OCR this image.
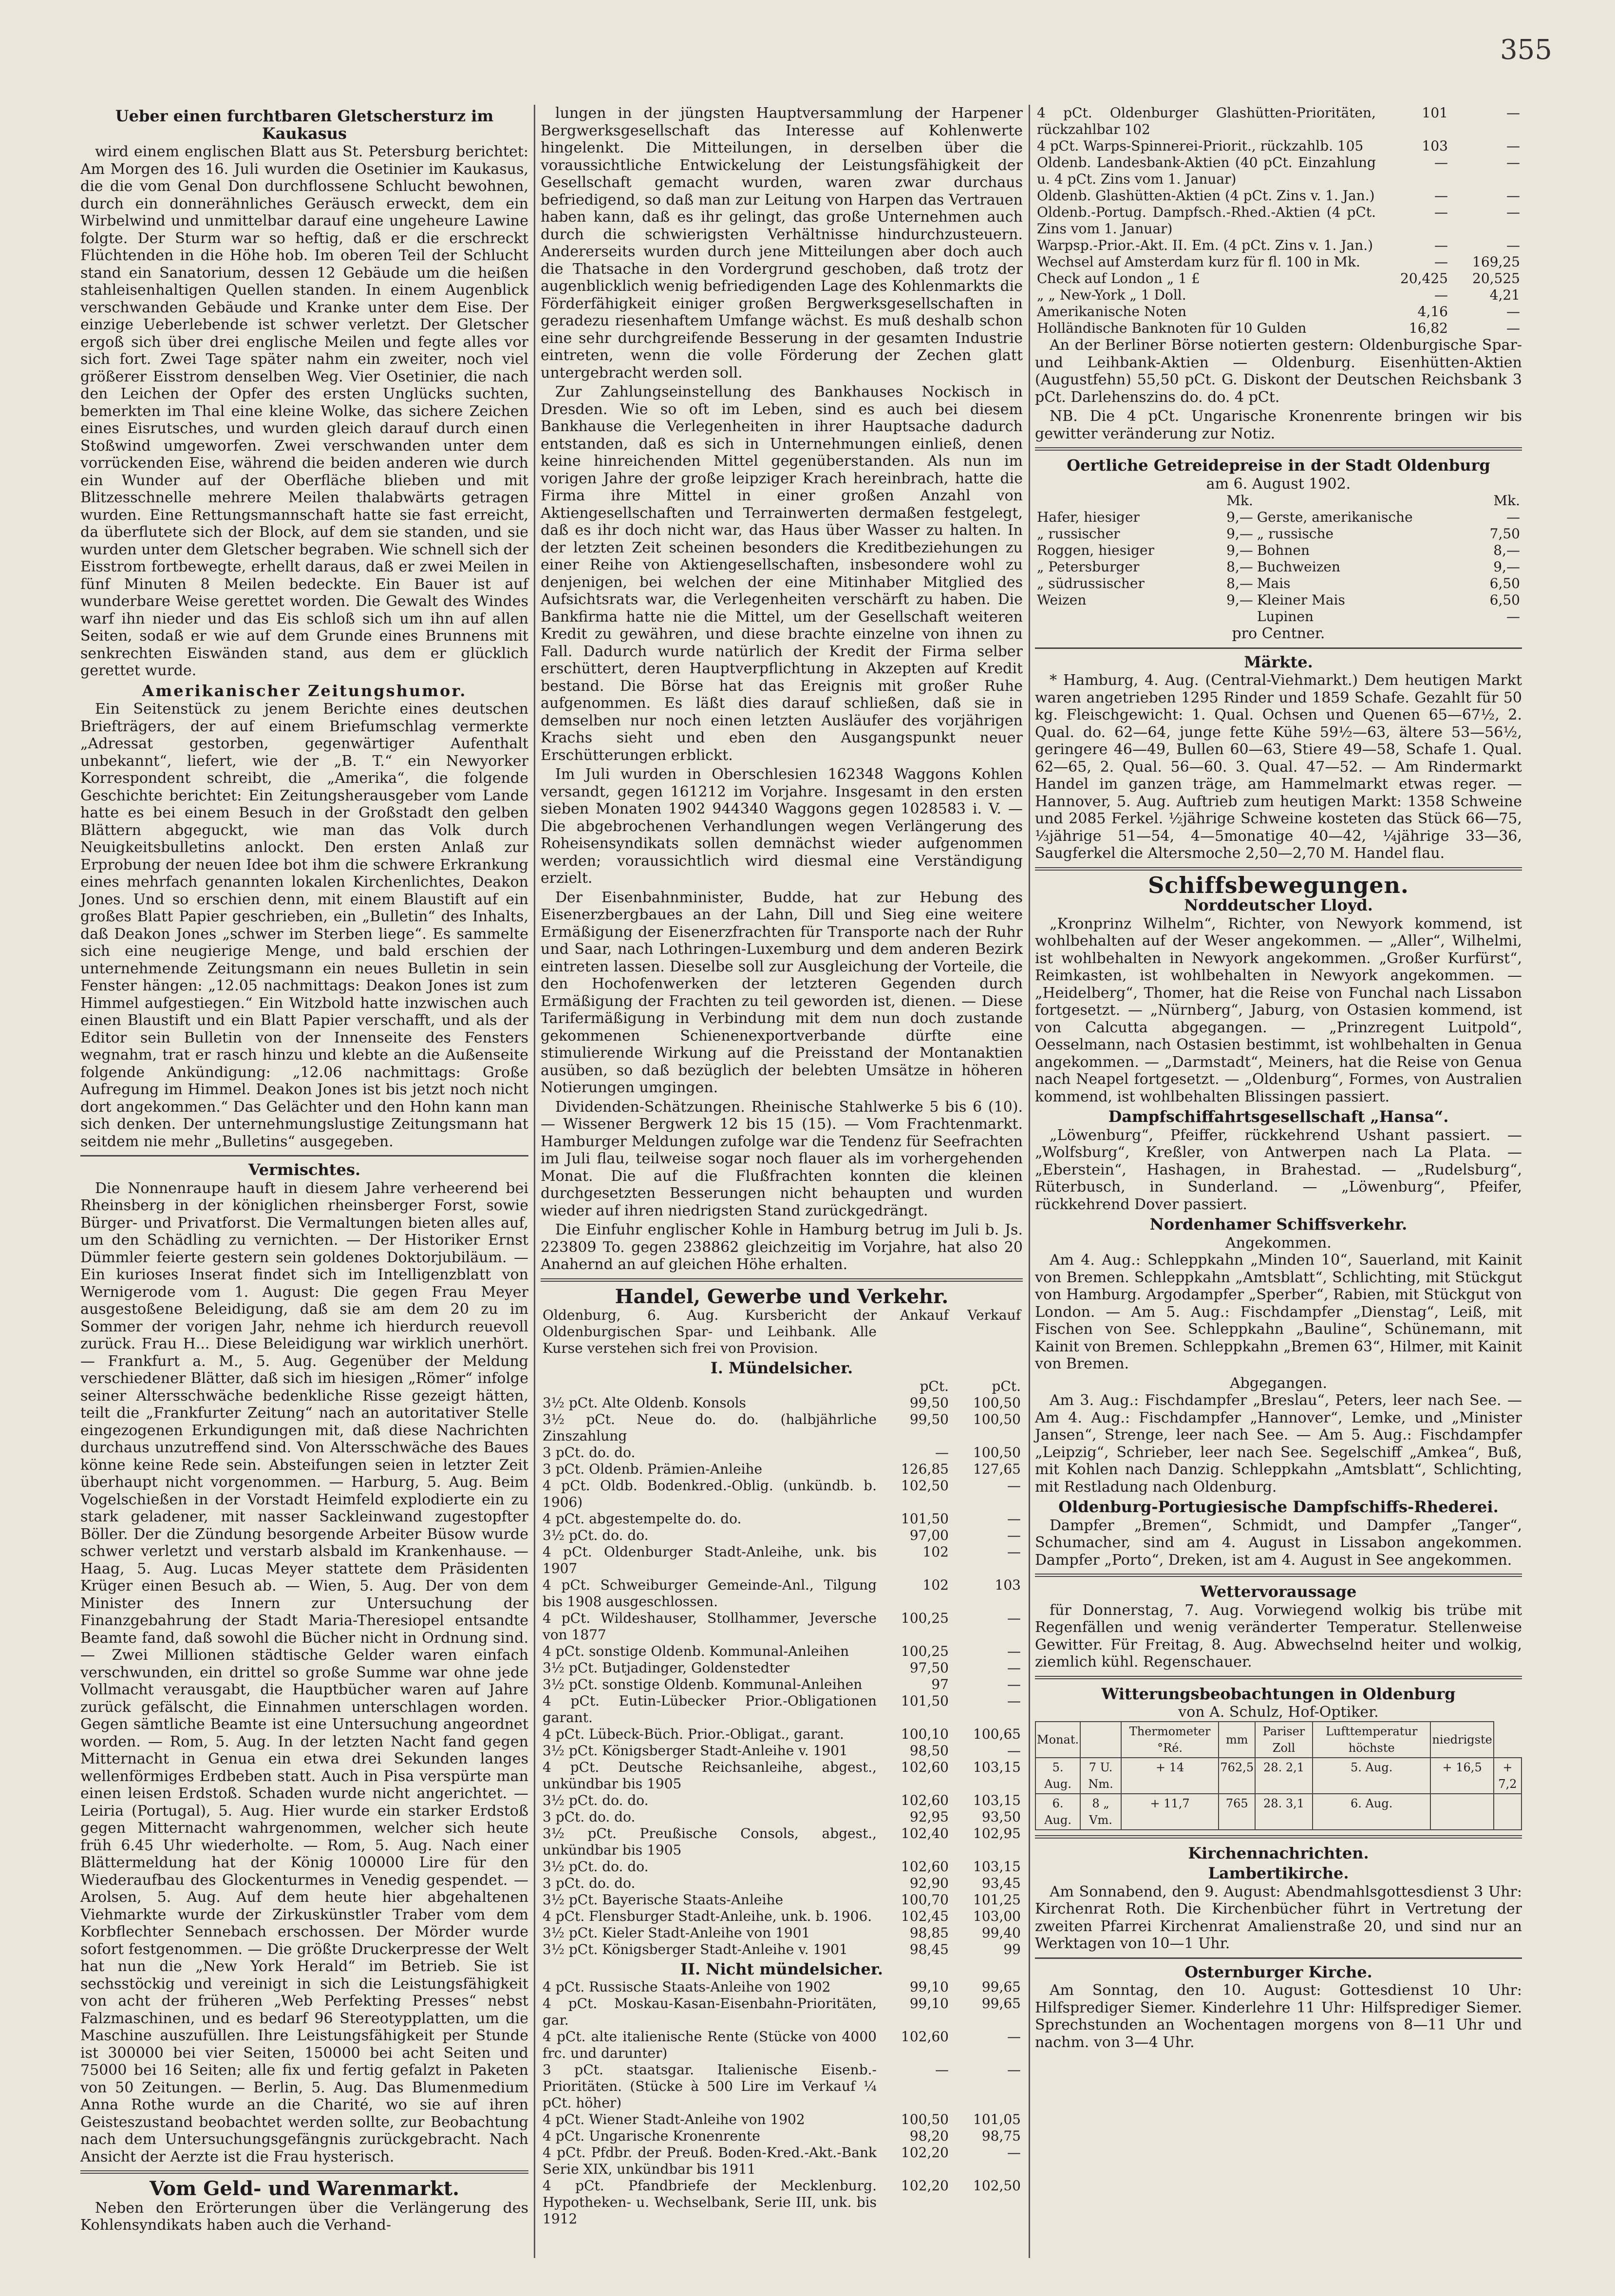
355
Ueber einen furchtbaren Gletschersturz im Kaukasus

wird einem englischen Blatt aus St. Petersburg berichtet: Am Morgen des 16. Juli wurden die Osetinier im Kaukasus, die die vom Genal Don durchflossene Schlucht bewohnen, durch ein donnerähnliches Geräusch erweckt, dem ein Wirbelwind und unmittelbar darauf eine ungeheure Lawine folgte. Der Sturm war so heftig, daß er die erschreckt Flüchtenden in die Höhe hob. Im oberen Teil der Schlucht stand ein Sanatorium, dessen 12 Gebäude um die heißen stahleisenhaltigen Quellen standen. In einem Augenblick verschwanden Gebäude und Kranke unter dem Eise. Der einzige Ueberlebende ist schwer verletzt. Der Gletscher ergoß sich über drei englische Meilen und fegte alles vor sich fort. Zwei Tage später nahm ein zweiter, noch viel größerer Eisstrom denselben Weg. Vier Osetinier, die nach den Leichen der Opfer des ersten Unglücks suchten, bemerkten im Thal eine kleine Wolke, das sichere Zeichen eines Eisrutsches, und wurden gleich darauf durch einen Stoßwind umgeworfen. Zwei verschwanden unter dem vorrückenden Eise, während die beiden anderen wie durch ein Wunder auf der Oberfläche blieben und mit Blitzesschnelle mehrere Meilen thalabwärts getragen wurden. Eine Rettungsmannschaft hatte sie fast erreicht, da überflutete sich der Block, auf dem sie standen, und sie wurden unter dem Gletscher begraben. Wie schnell sich der Eisstrom fortbewegte, erhellt daraus, daß er zwei Meilen in fünf Minuten 8 Meilen bedeckte. Ein Bauer ist auf wunderbare Weise gerettet worden. Die Gewalt des Windes warf ihn nieder und das Eis schloß sich um ihn auf allen Seiten, sodaß er wie auf dem Grunde eines Brunnens mit senkrechten Eiswänden stand, aus dem er glücklich gerettet wurde.

Amerikanischer Zeitungshumor.

Ein Seitenstück zu jenem Berichte eines deutschen Briefträgers, der auf einem Briefumschlag vermerkte „Adressat gestorben, gegenwärtiger Aufenthalt unbekannt“, liefert, wie der „B. T.“ ein Newyorker Korrespondent schreibt, die „Amerika“, die folgende Geschichte berichtet: Ein Zeitungsherausgeber vom Lande hatte es bei einem Besuch in der Großstadt den gelben Blättern abgeguckt, wie man das Volk durch Neuigkeitsbulletins anlockt. Den ersten Anlaß zur Erprobung der neuen Idee bot ihm die schwere Erkrankung eines mehrfach genannten lokalen Kirchenlichtes, Deakon Jones. Und so erschien denn, mit einem Blaustift auf ein großes Blatt Papier geschrieben, ein „Bulletin“ des Inhalts, daß Deakon Jones „schwer im Sterben liege“. Es sammelte sich eine neugierige Menge, und bald erschien der unternehmende Zeitungsmann ein neues Bulletin in sein Fenster hängen: „12.05 nachmittags: Deakon Jones ist zum Himmel aufgestiegen.“ Ein Witzbold hatte inzwischen auch einen Blaustift und ein Blatt Papier verschafft, und als der Editor sein Bulletin von der Innenseite des Fensters wegnahm, trat er rasch hinzu und klebte an die Außenseite folgende Ankündigung: „12.06 nachmittags: Große Aufregung im Himmel. Deakon Jones ist bis jetzt noch nicht dort angekommen.“ Das Gelächter und den Hohn kann man sich denken. Der unternehmungslustige Zeitungsmann hat seitdem nie mehr „Bulletins“ ausgegeben.

Vermischtes.

Die Nonnenraupe hauft in diesem Jahre verheerend bei Rheinsberg in der königlichen rheinsberger Forst, sowie Bürger- und Privatforst. Die Vermaltungen bieten alles auf, um den Schädling zu vernichten. — Der Historiker Ernst Dümmler feierte gestern sein goldenes Doktorjubiläum. — Ein kurioses Inserat findet sich im Intelligenzblatt von Wernigerode vom 1. August: Die gegen Frau Meyer ausgestoßene Beleidigung, daß sie am dem 20 zu im Sommer der vorigen Jahr, nehme ich hierdurch reuevoll zurück. Frau H... Diese Beleidigung war wirklich unerhört. — Frankfurt a. M., 5. Aug. Gegenüber der Meldung verschiedener Blätter, daß sich im hiesigen „Römer“ infolge seiner Altersschwäche bedenkliche Risse gezeigt hätten, teilt die „Frankfurter Zeitung“ nach an autoritativer Stelle eingezogenen Erkundigungen mit, daß diese Nachrichten durchaus unzutreffend sind. Von Altersschwäche des Baues könne keine Rede sein. Absteifungen seien in letzter Zeit überhaupt nicht vorgenommen. — Harburg, 5. Aug. Beim Vogelschießen in der Vorstadt Heimfeld explodierte ein zu stark geladener, mit nasser Sackleinwand zugestopfter Böller. Der die Zündung besorgende Arbeiter Büsow wurde schwer verletzt und verstarb alsbald im Krankenhause. — Haag, 5. Aug. Lucas Meyer stattete dem Präsidenten Krüger einen Besuch ab. — Wien, 5. Aug. Der von dem Minister des Innern zur Untersuchung der Finanzgebahrung der Stadt Maria-Theresiopel entsandte Beamte fand, daß sowohl die Bücher nicht in Ordnung sind. — Zwei Millionen städtische Gelder waren einfach verschwunden, ein drittel so große Summe war ohne jede Vollmacht verausgabt, die Hauptbücher waren auf Jahre zurück gefälscht, die Einnahmen unterschlagen worden. Gegen sämtliche Beamte ist eine Untersuchung angeordnet worden. — Rom, 5. Aug. In der letzten Nacht fand gegen Mitternacht in Genua ein etwa drei Sekunden langes wellenförmiges Erdbeben statt. Auch in Pisa verspürte man einen leisen Erdstoß. Schaden wurde nicht angerichtet. — Leiria (Portugal), 5. Aug. Hier wurde ein starker Erdstoß gegen Mitternacht wahrgenommen, welcher sich heute früh 6.45 Uhr wiederholte. — Rom, 5. Aug. Nach einer Blättermeldung hat der König 100000 Lire für den Wiederaufbau des Glockenturmes in Venedig gespendet. — Arolsen, 5. Aug. Auf dem heute hier abgehaltenen Viehmarkte wurde der Zirkuskünstler Traber vom dem Korbflechter Sennebach erschossen. Der Mörder wurde sofort festgenommen. — Die größte Druckerpresse der Welt hat nun die „New York Herald“ im Betrieb. Sie ist sechsstöckig und vereinigt in sich die Leistungsfähigkeit von acht der früheren „Web Perfekting Presses“ nebst Falzmaschinen, und es bedarf 96 Stereotypplatten, um die Maschine auszufüllen. Ihre Leistungsfähigkeit per Stunde ist 300000 bei vier Seiten, 150000 bei acht Seiten und 75000 bei 16 Seiten; alle fix und fertig gefalzt in Paketen von 50 Zeitungen. — Berlin, 5. Aug. Das Blumenmedium Anna Rothe wurde an die Charité, wo sie auf ihren Geisteszustand beobachtet werden sollte, zur Beobachtung nach dem Untersuchungsgefängnis zurückgebracht. Nach Ansicht der Aerzte ist die Frau hysterisch.

Vom Geld- und Warenmarkt.

Neben den Erörterungen über die Verlängerung des Kohlensyndikats haben auch die Verhand-

lungen in der jüngsten Hauptversammlung der Harpener Bergwerksgesellschaft das Interesse auf Kohlenwerte hingelenkt. Die Mitteilungen, in derselben über die voraussichtliche Entwickelung der Leistungsfähigkeit der Gesellschaft gemacht wurden, waren zwar durchaus befriedigend, so daß man zur Leitung von Harpen das Vertrauen haben kann, daß es ihr gelingt, das große Unternehmen auch durch die schwierigsten Verhältnisse hindurchzusteuern. Andererseits wurden durch jene Mitteilungen aber doch auch die Thatsache in den Vordergrund geschoben, daß trotz der augenblicklich wenig befriedigenden Lage des Kohlenmarkts die Förderfähigkeit einiger großen Bergwerksgesellschaften in geradezu riesenhaftem Umfange wächst. Es muß deshalb schon eine sehr durchgreifende Besserung in der gesamten Industrie eintreten, wenn die volle Förderung der Zechen glatt untergebracht werden soll.

Zur Zahlungseinstellung des Bankhauses Nockisch in Dresden. Wie so oft im Leben, sind es auch bei diesem Bankhause die Verlegenheiten in ihrer Hauptsache dadurch entstanden, daß es sich in Unternehmungen einließ, denen keine hinreichenden Mittel gegenüberstanden. Als nun im vorigen Jahre der große leipziger Krach hereinbrach, hatte die Firma ihre Mittel in einer großen Anzahl von Aktiengesellschaften und Terrainwerten dermaßen festgelegt, daß es ihr doch nicht war, das Haus über Wasser zu halten. In der letzten Zeit scheinen besonders die Kreditbeziehungen zu einer Reihe von Aktiengesellschaften, insbesondere wohl zu denjenigen, bei welchen der eine Mitinhaber Mitglied des Aufsichtsrats war, die Verlegenheiten verschärft zu haben. Die Bankfirma hatte nie die Mittel, um der Gesellschaft weiteren Kredit zu gewähren, und diese brachte einzelne von ihnen zu Fall. Dadurch wurde natürlich der Kredit der Firma selber erschüttert, deren Hauptverpflichtung in Akzepten auf Kredit bestand. Die Börse hat das Ereignis mit großer Ruhe aufgenommen. Es läßt dies darauf schließen, daß sie in demselben nur noch einen letzten Ausläufer des vorjährigen Krachs sieht und eben den Ausgangspunkt neuer Erschütterungen erblickt.

Im Juli wurden in Oberschlesien 162348 Waggons Kohlen versandt, gegen 161212 im Vorjahre. Insgesamt in den ersten sieben Monaten 1902 944340 Waggons gegen 1028583 i. V. — Die abgebrochenen Verhandlungen wegen Verlängerung des Roheisensyndikats sollen demnächst wieder aufgenommen werden; voraussichtlich wird diesmal eine Verständigung erzielt.

Der Eisenbahnminister, Budde, hat zur Hebung des Eisenerzbergbaues an der Lahn, Dill und Sieg eine weitere Ermäßigung der Eisenerzfrachten für Transporte nach der Ruhr und Saar, nach Lothringen-Luxemburg und dem anderen Bezirk eintreten lassen. Dieselbe soll zur Ausgleichung der Vorteile, die den Hochofenwerken der letzteren Gegenden durch Ermäßigung der Frachten zu teil geworden ist, dienen. — Diese Tarifermäßigung in Verbindung mit dem nun doch zustande gekommenen Schienenexportverbande dürfte eine stimulierende Wirkung auf die Preisstand der Montanaktien ausüben, so daß bezüglich der belebten Umsätze in höheren Notierungen umgingen.

Dividenden-Schätzungen. Rheinische Stahlwerke 5 bis 6 (10). — Wissener Bergwerk 12 bis 15 (15). — Vom Frachtenmarkt. Hamburger Meldungen zufolge war die Tendenz für Seefrachten im Juli flau, teilweise sogar noch flauer als im vorhergehenden Monat. Die auf die Flußfrachten konnten die kleinen durchgesetzten Besserungen nicht behaupten und wurden wieder auf ihren niedrigsten Stand zurückgedrängt.

Die Einfuhr englischer Kohle in Hamburg betrug im Juli b. Js. 223809 To. gegen 238862 gleichzeitig im Vorjahre, hat also 20 Anahernd an auf gleichen Höhe erhalten.

Handel, Gewerbe und Verkehr.
Oldenburg, 6. Aug. Kursbericht der Oldenburgischen Spar- und Leihbank. Alle Kurse verstehen sich frei von Provision.	Ankauf	Verkauf
I. Mündelsicher.
	pCt.	pCt.
3½ pCt. Alte Oldenb. Konsols	99,50	100,50
3½ pCt. Neue do. do. (halbjährliche Zinszahlung	99,50	100,50
3 pCt. do. do.	—	100,50
3 pCt. Oldenb. Prämien-Anleihe	126,85	127,65
4 pCt. Oldb. Bodenkred.-Oblig. (unkündb. b. 1906)	102,50	—
4 pCt. abgestempelte do. do.	101,50	—
3½ pCt. do. do.	97,00	—
4 pCt. Oldenburger Stadt-Anleihe, unk. bis 1907	102	—
4 pCt. Schweiburger Gemeinde-Anl., Tilgung bis 1908 ausgeschlossen.	102	103
4 pCt. Wildeshauser, Stollhammer, Jeversche von 1877	100,25	—
4 pCt. sonstige Oldenb. Kommunal-Anleihen	100,25	—
3½ pCt. Butjadinger, Goldenstedter	97,50	—
3½ pCt. sonstige Oldenb. Kommunal-Anleihen	97	—
4 pCt. Eutin-Lübecker Prior.-Obligationen garant.	101,50	—
4 pCt. Lübeck-Büch. Prior.-Obligat., garant.	100,10	100,65
3½ pCt. Königsberger Stadt-Anleihe v. 1901	98,50	—
4 pCt. Deutsche Reichsanleihe, abgest., unkündbar bis 1905	102,60	103,15
3½ pCt. do. do.	102,60	103,15
3 pCt. do. do.	92,95	93,50
3½ pCt. Preußische Consols, abgest., unkündbar bis 1905	102,40	102,95
3½ pCt. do. do.	102,60	103,15
3 pCt. do. do.	92,90	93,45
3½ pCt. Bayerische Staats-Anleihe	100,70	101,25
4 pCt. Flensburger Stadt-Anleihe, unk. b. 1906.	102,45	103,00
3½ pCt. Kieler Stadt-Anleihe von 1901	98,85	99,40
3½ pCt. Königsberger Stadt-Anleihe v. 1901	98,45	99
II. Nicht mündelsicher.
4 pCt. Russische Staats-Anleihe von 1902	99,10	99,65
4 pCt. Moskau-Kasan-Eisenbahn-Prioritäten, gar.	99,10	99,65
4 pCt. alte italienische Rente (Stücke von 4000 frc. und darunter)	102,60	—
3 pCt. staatsgar. Italienische Eisenb.-Prioritäten. (Stücke à 500 Lire im Verkauf ¼ pCt. höher)	—	—
4 pCt. Wiener Stadt-Anleihe von 1902	100,50	101,05
4 pCt. Ungarische Kronenrente	98,20	98,75
4 pCt. Pfdbr. der Preuß. Boden-Kred.-Akt.-Bank Serie XIX, unkündbar bis 1911	102,20	—
4 pCt. Pfandbriefe der Mecklenburg. Hypotheken- u. Wechselbank, Serie III, unk. bis 1912	102,20	102,50
4 pCt. Oldenburger Glashütten-Prioritäten, rückzahlbar 102	101	—
4 pCt. Warps-Spinnerei-Priorit., rückzahlb. 105	103	—
Oldenb. Landesbank-Aktien (40 pCt. Einzahlung u. 4 pCt. Zins vom 1. Januar)	—	—
Oldenb. Glashütten-Aktien (4 pCt. Zins v. 1. Jan.)	—	—
Oldenb.-Portug. Dampfsch.-Rhed.-Aktien (4 pCt. Zins vom 1. Januar)	—	—
Warpsp.-Prior.-Akt. II. Em. (4 pCt. Zins v. 1. Jan.)	—	—
Wechsel auf Amsterdam kurz für fl. 100 in Mk.	—	169,25
Check auf London „ 1 £	20,425	20,525
„ „ New-York „ 1 Doll.	—	4,21
Amerikanische Noten	4,16	—
Holländische Banknoten für 10 Gulden	16,82	—

An der Berliner Börse notierten gestern: Oldenburgische Spar- und Leihbank-Aktien — Oldenburg. Eisenhütten-Aktien (Augustfehn) 55,50 pCt. G. Diskont der Deutschen Reichsbank 3 pCt. Darlehenszins do. do. 4 pCt.

NB. Die 4 pCt. Ungarische Kronenrente bringen wir bis gewitter veränderung zur Notiz.

Oertliche Getreidepreise in der Stadt Oldenburg
am 6. August 1902.
	Mk.		Mk.
Hafer, hiesiger	9,—	Gerste, amerikanische	—
„ russischer	9,—	„ russische	7,50
Roggen, hiesiger	9,—	Bohnen	8,—
„ Petersburger	8,—	Buchweizen	9,—
„ südrussischer	8,—	Mais	6,50
Weizen	9,—	Kleiner Mais	6,50
		Lupinen	—
pro Centner.
Märkte.

* Hamburg, 4. Aug. (Central-Viehmarkt.) Dem heutigen Markt waren angetrieben 1295 Rinder und 1859 Schafe. Gezahlt für 50 kg. Fleischgewicht: 1. Qual. Ochsen und Quenen 65—67½, 2. Qual. do. 62—64, junge fette Kühe 59½—63, ältere 53—56½, geringere 46—49, Bullen 60—63, Stiere 49—58, Schafe 1. Qual. 62—65, 2. Qual. 56—60. 3. Qual. 47—52. — Am Rindermarkt Handel im ganzen träge, am Hammelmarkt etwas reger. — Hannover, 5. Aug. Auftrieb zum heutigen Markt: 1358 Schweine und 2085 Ferkel. ½jährige Schweine kosteten das Stück 66—75, ⅓jährige 51—54, 4—5monatige 40—42, ¼jährige 33—36, Saugferkel die Altersmoche 2,50—2,70 M. Handel flau.

Schiffsbewegungen.
Norddeutscher Lloyd.

„Kronprinz Wilhelm“, Richter, von Newyork kommend, ist wohlbehalten auf der Weser angekommen. — „Aller“, Wilhelmi, ist wohlbehalten in Newyork angekommen. „Großer Kurfürst“, Reimkasten, ist wohlbehalten in Newyork angekommen. — „Heidelberg“, Thomer, hat die Reise von Funchal nach Lissabon fortgesetzt. — „Nürnberg“, Jaburg, von Ostasien kommend, ist von Calcutta abgegangen. — „Prinzregent Luitpold“, Oesselmann, nach Ostasien bestimmt, ist wohlbehalten in Genua angekommen. — „Darmstadt“, Meiners, hat die Reise von Genua nach Neapel fortgesetzt. — „Oldenburg“, Formes, von Australien kommend, ist wohlbehalten Blissingen passiert.

Dampfschiffahrtsgesellschaft „Hansa“.

„Löwenburg“, Pfeiffer, rückkehrend Ushant passiert. — „Wolfsburg“, Kreßler, von Antwerpen nach La Plata. — „Eberstein“, Hashagen, in Brahestad. — „Rudelsburg“, Rüterbusch, in Sunderland. — „Löwenburg“, Pfeifer, rückkehrend Dover passiert.

Nordenhamer Schiffsverkehr.
Angekommen.

Am 4. Aug.: Schleppkahn „Minden 10“, Sauerland, mit Kainit von Bremen. Schleppkahn „Amtsblatt“, Schlichting, mit Stückgut von Hamburg. Argodampfer „Sperber“, Rabien, mit Stückgut von London. — Am 5. Aug.: Fischdampfer „Dienstag“, Leiß, mit Fischen von See. Schleppkahn „Bauline“, Schünemann, mit Kainit von Bremen. Schleppkahn „Bremen 63“, Hilmer, mit Kainit von Bremen.

Abgegangen.

Am 3. Aug.: Fischdampfer „Breslau“, Peters, leer nach See. — Am 4. Aug.: Fischdampfer „Hannover“, Lemke, und „Minister Jansen“, Strenge, leer nach See. — Am 5. Aug.: Fischdampfer „Leipzig“, Schrieber, leer nach See. Segelschiff „Amkea“, Buß, mit Kohlen nach Danzig. Schleppkahn „Amtsblatt“, Schlichting, mit Restladung nach Oldenburg.

Oldenburg-Portugiesische Dampfschiffs-Rhederei.

Dampfer „Bremen“, Schmidt, und Dampfer „Tanger“, Schumacher, sind am 4. August in Lissabon angekommen. Dampfer „Porto“, Dreken, ist am 4. August in See angekommen.

Wettervoraussage

für Donnerstag, 7. Aug. Vorwiegend wolkig bis trübe mit Regenfällen und wenig veränderter Temperatur. Stellenweise Gewitter. Für Freitag, 8. Aug. Abwechselnd heiter und wolkig, ziemlich kühl. Regenschauer.

Witterungsbeobachtungen in Oldenburg
von A. Schulz, Hof-Optiker.
Monat.		Thermometer °Ré.	mm	Pariser Zoll	Lufttemperatur höchste	niedrigste	
5. Aug.	7 U. Nm.	+ 14	762,5	28. 2,1	5. Aug.	+ 16,5	+ 7,2
6. Aug.	8 „ Vm.	+ 11,7	765	28. 3,1	6. Aug.		
Kirchennachrichten.
Lambertikirche.

Am Sonnabend, den 9. August: Abendmahlsgottesdienst 3 Uhr: Kirchenrat Roth. Die Kirchenbücher führt in Vertretung der zweiten Pfarrei Kirchenrat Amalienstraße 20, und sind nur an Werktagen von 10—1 Uhr.

Osternburger Kirche.

Am Sonntag, den 10. August: Gottesdienst 10 Uhr: Hilfsprediger Siemer. Kinderlehre 11 Uhr: Hilfsprediger Siemer. Sprechstunden an Wochentagen morgens von 8—11 Uhr und nachm. von 3—4 Uhr.
